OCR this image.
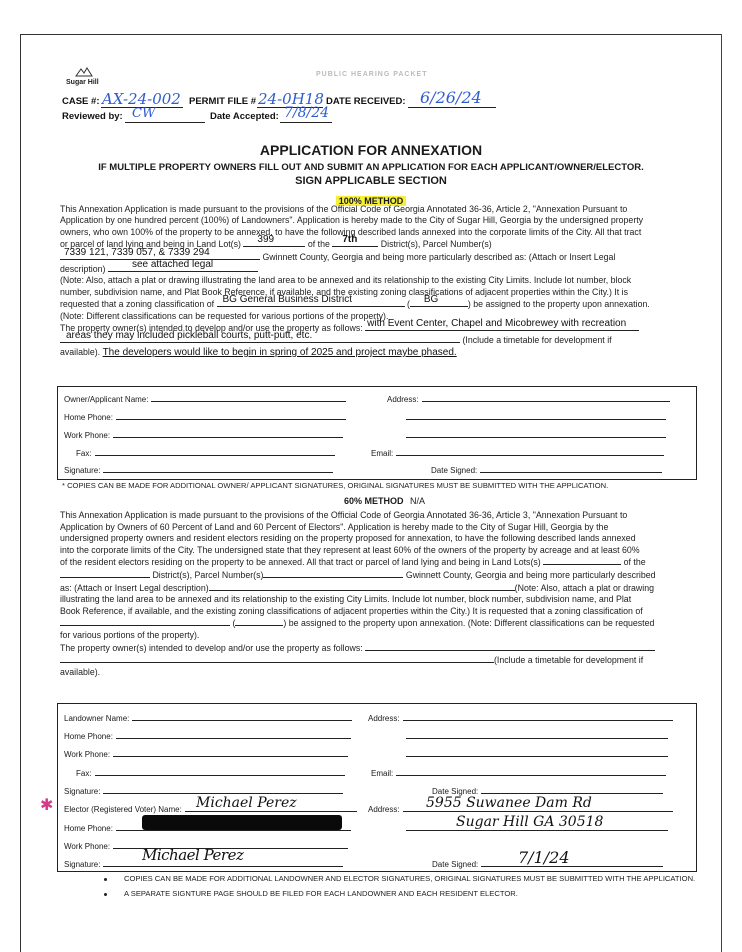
Sugar Hill
PUBLIC HEARING PACKET
CASE #: AX-24-002 PERMIT FILE # 24-0H18 DATE RECEIVED: 6/26/24
Reviewed by: CW	Date Accepted: 7/8/24
APPLICATION FOR ANNEXATION
IF MULTIPLE PROPERTY OWNERS FILL OUT AND SUBMIT AN APPLICATION FOR EACH APPLICANT/OWNER/ELECTOR.
SIGN APPLICABLE SECTION
100% METHOD
This Annexation Application is made pursuant to the provisions of the Official Code of Georgia Annotated 36-36, Article 2, "Annexation Pursuant to
Application by one hundred percent (100%) of Landowners". Application is hereby made to the City of Sugar Hill, Georgia by the undersigned property
owners, who own 100% of the property to be annexed, to have the following described lands annexed into the corporate limits of the City. All that tract
or parcel of land lying and being in Land Lot(s) 399	of the 7th	District(s), Parcel Number(s)
7339 121, 7339 057, & 7339 294	Gwinnett County, Georgia and being more particularly described as: (Attach or Insert Legal
description)	see attached legal
(Note: Also, attach a plat or drawing illustrating the land area to be annexed and its relationship to the existing City Limits. Include lot number, block
number, subdivision name, and Plat Book Reference, if available, and the existing zoning classifications of adjacent properties within the City.) It is
requested that a zoning classification of BG General Business District	( BG	) be assigned to the property upon annexation.
(Note: Different classifications can be requested for various portions of the property).
The property owner(s) intended to develop and/or use the property as follows: with Event Center, Chapel and Micobrewey with recreation
areas they may included pickleball courts, putt-putt, etc.	(Include a timetable for development if
available). The developers would like to begin in spring of 2025 and project maybe phased.
Owner/Applicant Name:	Address:
Home Phone:
Work Phone:
Fax:	Email:
Signature:	Date Signed:
* COPIES CAN BE MADE FOR ADDITIONAL OWNER/ APPLICANT SIGNATURES, ORIGINAL SIGNATURES MUST BE SUBMITTED WITH THE APPLICATION.
60% METHOD N/A
This Annexation Application is made pursuant to the provisions of the Official Code of Georgia Annotated 36-36, Article 3, "Annexation Pursuant to
Application by Owners of 60 Percent of Land and 60 Percent of Electors". Application is hereby made to the City of Sugar Hill, Georgia by the
undersigned property owners and resident electors residing on the property proposed for annexation, to have the following described lands annexed
into the corporate limits of the City. The undersigned state that they represent at least 60% of the owners of the property by acreage and at least 60%
of the resident electors residing on the property to be annexed. All that tract or parcel of land lying and being in Land Lots(s)	of the
District(s), Parcel Number(s)	Gwinnett County, Georgia and being more particularly described
as: (Attach or Insert Legal description)	(Note: Also, attach a plat or drawing
illustrating the land area to be annexed and its relationship to the existing City Limits. Include lot number, block number, subdivision name, and Plat
Book Reference, if available, and the existing zoning classifications of adjacent properties within the City.) It is requested that a zoning classification of
(	) be assigned to the property upon annexation. (Note: Different classifications can be requested
for various portions of the property).
The property owner(s) intended to develop and/or use the property as follows:
(Include a timetable for development if
available).
Landowner Name:	Address:
Home Phone:
Work Phone:
Fax:	Email:
Signature:	Date Signed:
✱ Elector (Registered Voter) Name:	Michael Perez	Address:	5955 Suwanee Dam Rd
Home Phone:	Sugar Hill GA 30518
Work Phone:
Signature:
Michael Perez
Date Signed:	7/1/24
COPIES CAN BE MADE FOR ADDITIONAL LANDOWNER AND ELECTOR SIGNATURES, ORIGINAL SIGNATURES MUST BE SUBMITTED WITH THE APPLICATION.
A SEPARATE SIGNTURE PAGE SHOULD BE FILED FOR EACH LANDOWNER AND EACH RESIDENT ELECTOR.
